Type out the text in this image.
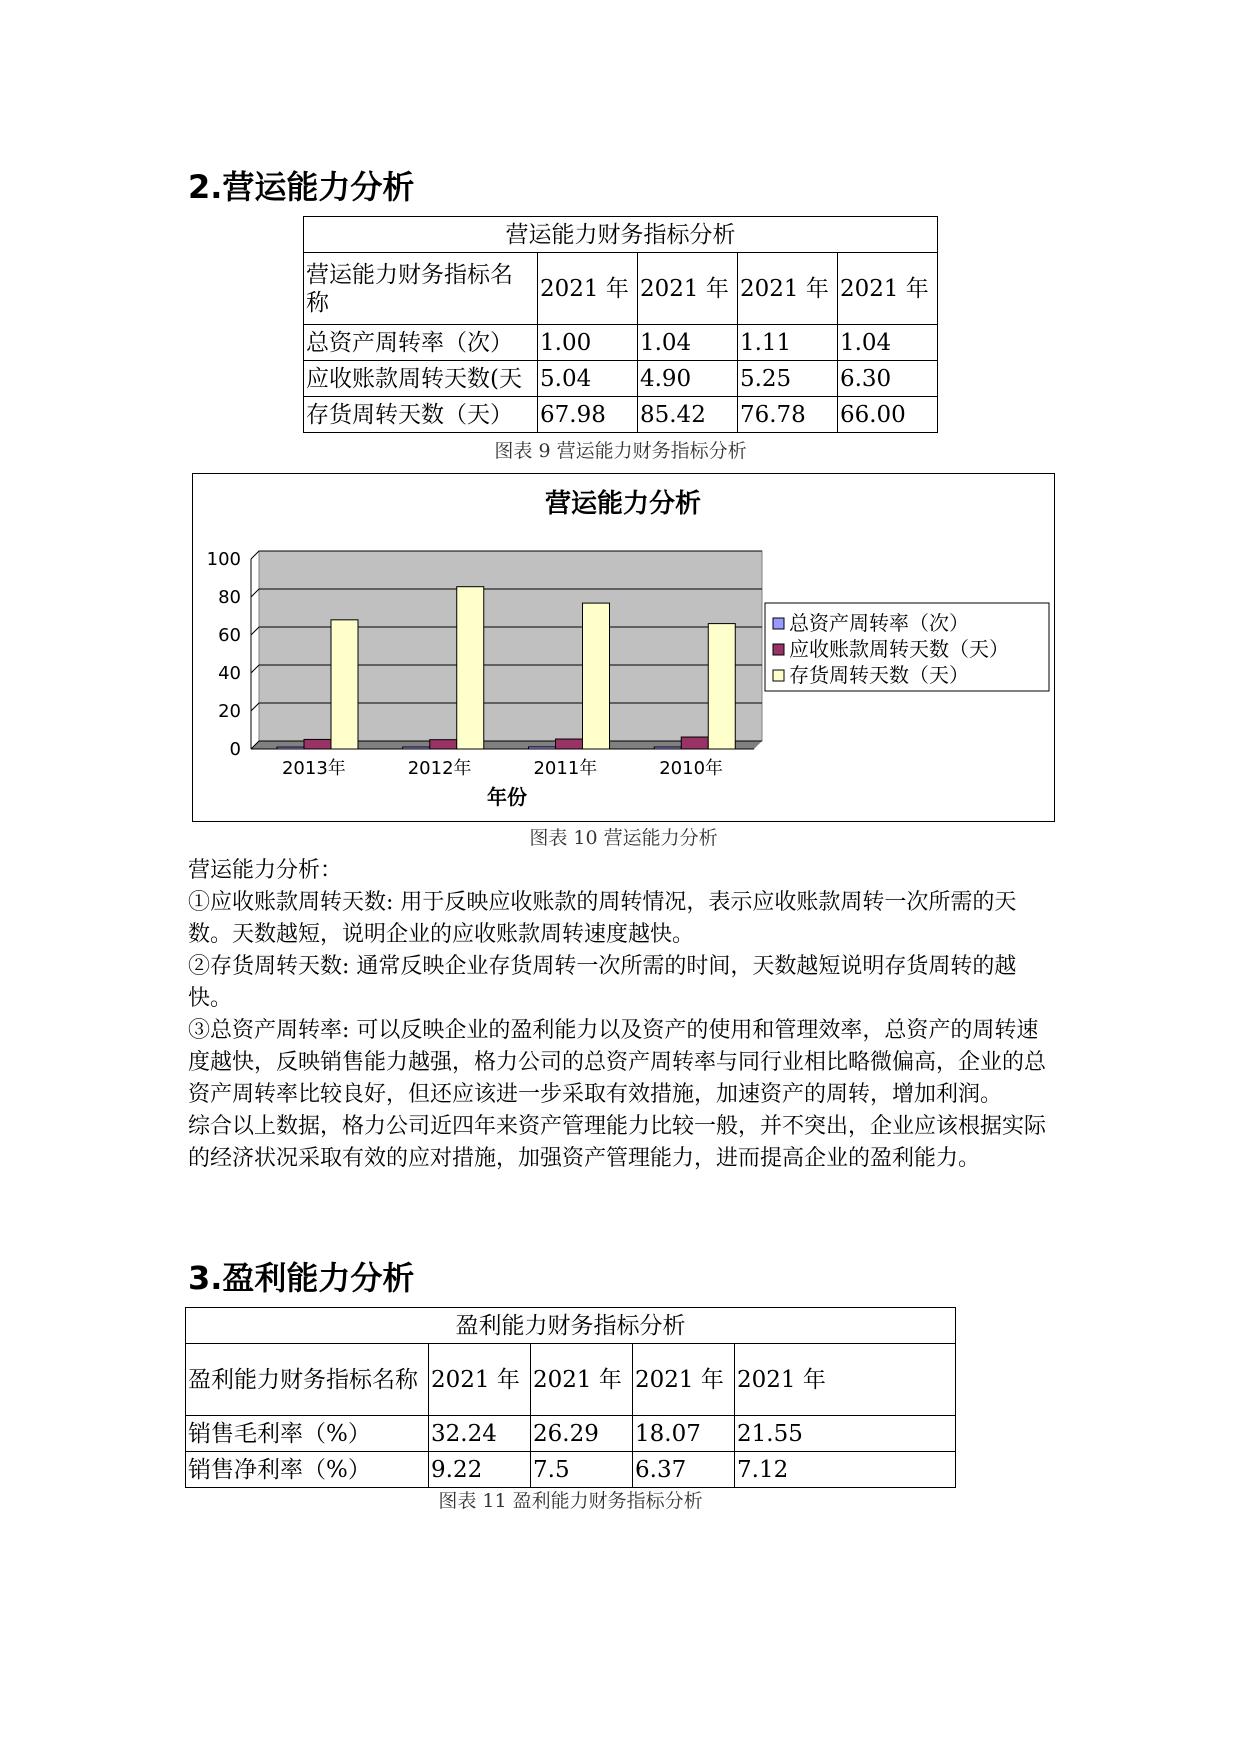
2.营运能力分析
营运能力财务指标分析				
营运能力财务指标名称	2021 年	2021 年	2021 年	2021 年
总资产周转率（次）	1.00	1.04	1.11	1.04
应收账款周转天数(天	5.04	4.90	5.25	6.30
存货周转天数（天）	67.98	85.42	76.78	66.00
图表 9 营运能力财务指标分析
营运能力分析
0
20
40
60
80
100
2013年	2012年	2011年	2010年
年份
总资产周转率（次）
应收账款周转天数（天）
存货周转天数（天）
图表 10 营运能力分析

营运能力分析：

①应收账款周转天数: 用于反映应收账款的周转情况，表示应收账款周转一次所需的天数。天数越短，说明企业的应收账款周转速度越快。

②存货周转天数: 通常反映企业存货周转一次所需的时间，天数越短说明存货周转的越快。

③总资产周转率: 可以反映企业的盈利能力以及资产的使用和管理效率，总资产的周转速度越快，反映销售能力越强，格力公司的总资产周转率与同行业相比略微偏高，企业的总资产周转率比较良好，但还应该进一步采取有效措施，加速资产的周转，增加利润。

综合以上数据，格力公司近四年来资产管理能力比较一般，并不突出，企业应该根据实际的经济状况采取有效的应对措施，加强资产管理能力，进而提高企业的盈利能力。

3.盈利能力分析
盈利能力财务指标分析				
盈利能力财务指标名称	2021 年	2021 年	2021 年	2021 年
销售毛利率（%）	32.24	26.29	18.07	21.55
销售净利率（%）	9.22	7.5	6.37	7.12
图表 11 盈利能力财务指标分析
